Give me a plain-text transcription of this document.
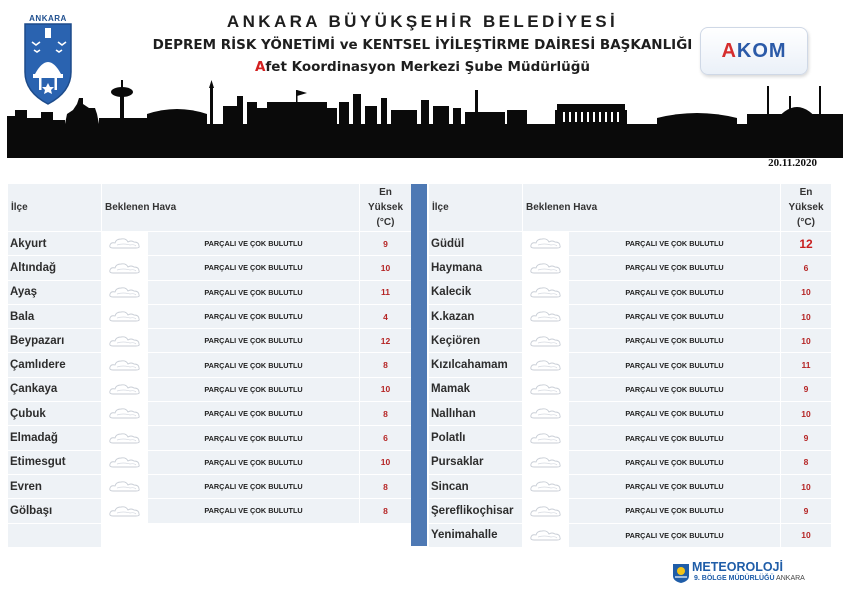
ANKARA	ANKARA BÜYÜKŞEHİR BELEDİYESİ
DEPREM RİSK YÖNETİMİ ve KENTSEL İYİLEŞTİRME DAİRESİ BAŞKANLIĞI
Afet Koordinasyon Merkezi Şube Müdürlüğü
A KOM
20.11.2020
İlçe	Beklenen Hava		En
Yüksek
(°C)

Akyurt		PARÇALI VE ÇOK BULUTLU	9
Altındağ		PARÇALI VE ÇOK BULUTLU	10
Ayaş		PARÇALI VE ÇOK BULUTLU	11
Bala		PARÇALI VE ÇOK BULUTLU	4
Beypazarı		PARÇALI VE ÇOK BULUTLU	12
Çamlıdere		PARÇALI VE ÇOK BULUTLU	8
Çankaya		PARÇALI VE ÇOK BULUTLU	10
Çubuk		PARÇALI VE ÇOK BULUTLU	8
Elmadağ		PARÇALI VE ÇOK BULUTLU	6
Etimesgut		PARÇALI VE ÇOK BULUTLU	10
Evren		PARÇALI VE ÇOK BULUTLU	8
Gölbaşı		PARÇALI VE ÇOK BULUTLU	8

İlçe	Beklenen Hava		En
Yüksek
(°C)

Güdül		PARÇALI VE ÇOK BULUTLU	12
Haymana		PARÇALI VE ÇOK BULUTLU	6
Kalecik		PARÇALI VE ÇOK BULUTLU	10
K.kazan		PARÇALI VE ÇOK BULUTLU	10
Keçiören		PARÇALI VE ÇOK BULUTLU	10
Kızılcahamam		PARÇALI VE ÇOK BULUTLU	11
Mamak		PARÇALI VE ÇOK BULUTLU	9
Nallıhan		PARÇALI VE ÇOK BULUTLU	10
Polatlı		PARÇALI VE ÇOK BULUTLU	9
Pursaklar		PARÇALI VE ÇOK BULUTLU	8
Sincan		PARÇALI VE ÇOK BULUTLU	10
Şereflikoçhisar		PARÇALI VE ÇOK BULUTLU	9
Yenimahalle		PARÇALI VE ÇOK BULUTLU	10
METEOROLOJİ
9. BÖLGE MÜDÜRLÜĞÜ ANKARA
